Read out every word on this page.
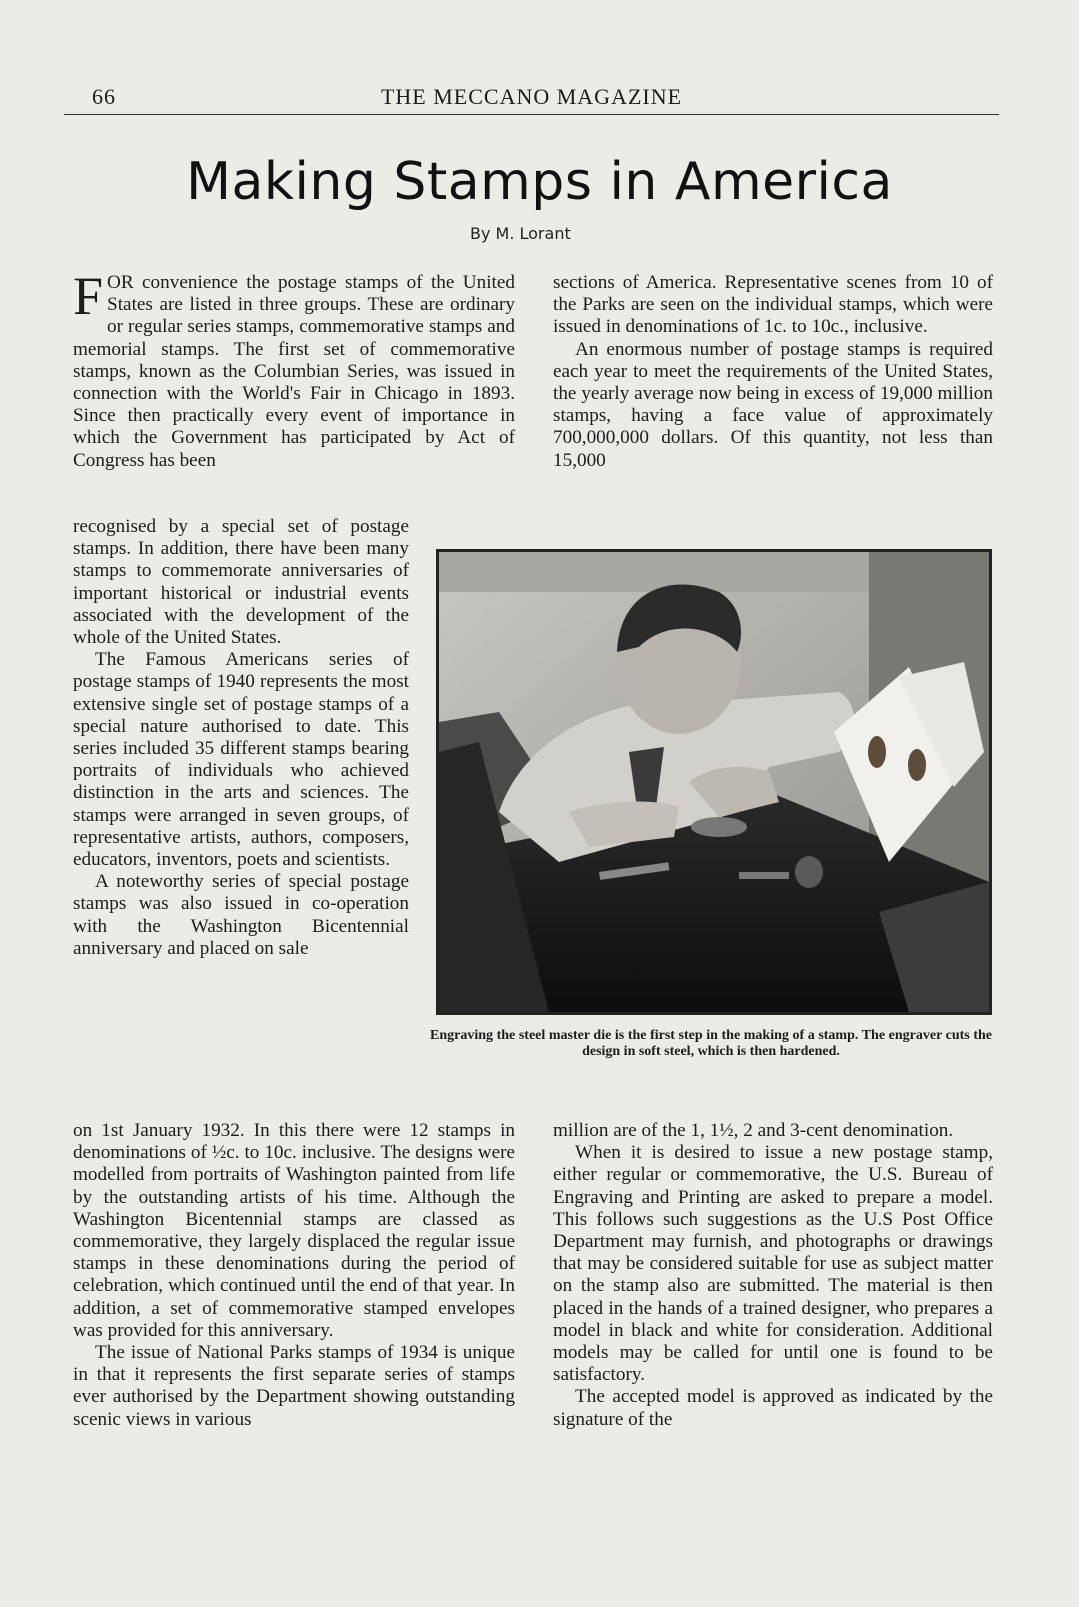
66	THE MECCANO MAGAZINE
Making Stamps in America
By M. Lorant

FOR convenience the postage stamps of the United States are listed in three groups. These are ordinary or regular series stamps, commemorative stamps and memorial stamps. The first set of commemorative stamps, known as the Columbian Series, was issued in connection with the World's Fair in Chicago in 1893. Since then practically every event of importance in which the Government has participated by Act of Congress has been

recognised by a special set of postage stamps. In addition, there have been many stamps to commemorate anniversaries of important historical or industrial events associated with the development of the whole of the United States.

The Famous Americans series of postage stamps of 1940 represents the most extensive single set of postage stamps of a special nature authorised to date. This series included 35 different stamps bearing portraits of individuals who achieved distinction in the arts and sciences. The stamps were arranged in seven groups, of representative artists, authors, composers, educators, inventors, poets and scientists.

A noteworthy series of special postage stamps was also issued in co-operation with the Washington Bicentennial anniversary and placed on sale

on 1st January 1932. In this there were 12 stamps in denominations of ½c. to 10c. inclusive. The designs were modelled from portraits of Washington painted from life by the outstanding artists of his time. Although the Washington Bicentennial stamps are classed as commemorative, they largely displaced the regular issue stamps in these denominations during the period of celebration, which continued until the end of that year. In addition, a set of commemorative stamped envelopes was provided for this anniversary.

The issue of National Parks stamps of 1934 is unique in that it represents the first separate series of stamps ever authorised by the Department showing outstanding scenic views in various

sections of America. Representative scenes from 10 of the Parks are seen on the individual stamps, which were issued in denominations of 1c. to 10c., inclusive.

An enormous number of postage stamps is required each year to meet the requirements of the United States, the yearly average now being in excess of 19,000 million stamps, having a face value of approximately 700,000,000 dollars. Of this quantity, not less than 15,000

Engraving the steel master die is the first step in the making of a stamp. The engraver cuts the design in soft steel, which is then hardened.

million are of the 1, 1½, 2 and 3-cent denomination.

When it is desired to issue a new postage stamp, either regular or commemorative, the U.S. Bureau of Engraving and Printing are asked to prepare a model. This follows such suggestions as the U.S Post Office Department may furnish, and photographs or drawings that may be considered suitable for use as subject matter on the stamp also are submitted. The material is then placed in the hands of a trained designer, who prepares a model in black and white for consideration. Additional models may be called for until one is found to be satisfactory.

The accepted model is approved as indicated by the signature of the
